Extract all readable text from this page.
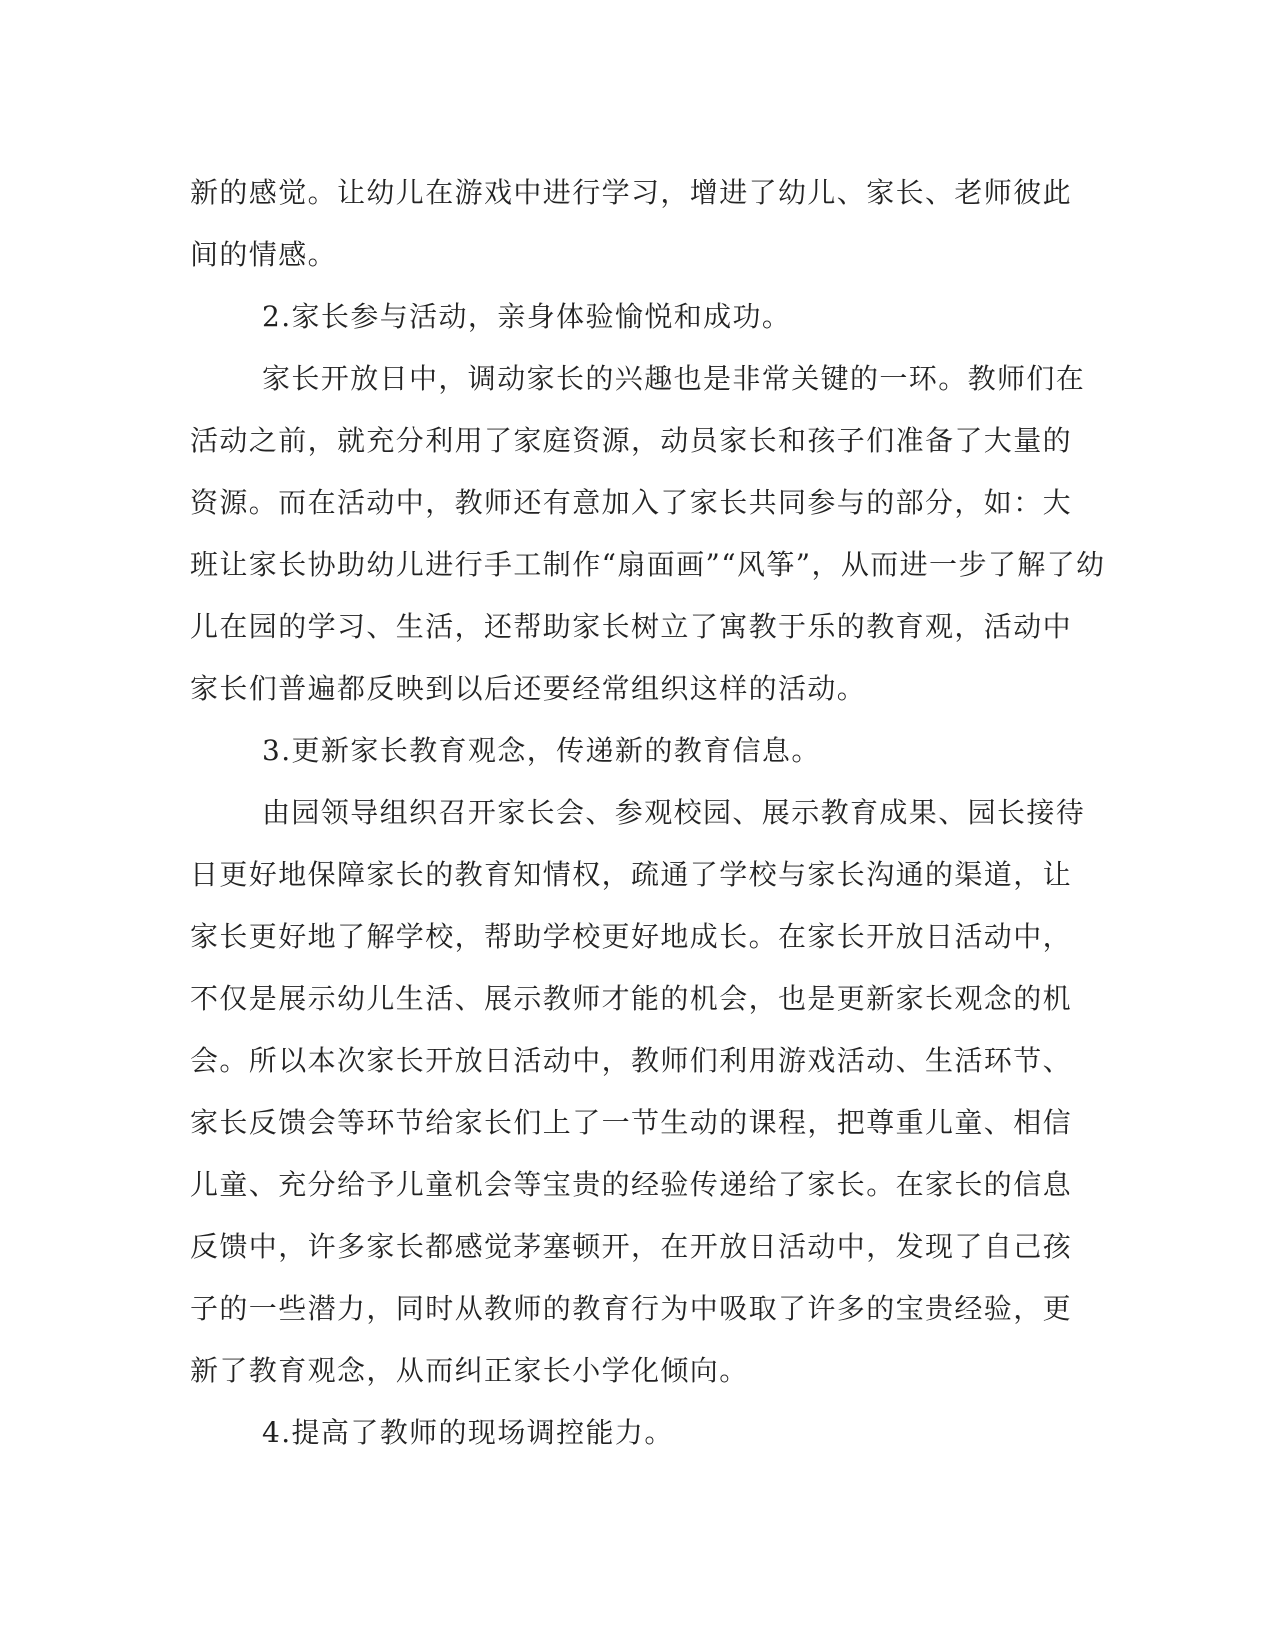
新的感觉。让幼儿在游戏中进行学习，增进了幼儿、家长、老师彼此
间的情感。
2.家长参与活动，亲身体验愉悦和成功。
家长开放日中，调动家长的兴趣也是非常关键的一环。教师们在
活动之前，就充分利用了家庭资源，动员家长和孩子们准备了大量的
资源。而在活动中，教师还有意加入了家长共同参与的部分，如：大
班让家长协助幼儿进行手工制作“扇面画”“风筝”，从而进一步了解了幼
儿在园的学习、生活，还帮助家长树立了寓教于乐的教育观，活动中
家长们普遍都反映到以后还要经常组织这样的活动。
3.更新家长教育观念，传递新的教育信息。
由园领导组织召开家长会、参观校园、展示教育成果、园长接待
日更好地保障家长的教育知情权，疏通了学校与家长沟通的渠道，让
家长更好地了解学校，帮助学校更好地成长。在家长开放日活动中，
不仅是展示幼儿生活、展示教师才能的机会，也是更新家长观念的机
会。所以本次家长开放日活动中，教师们利用游戏活动、生活环节、
家长反馈会等环节给家长们上了一节生动的课程，把尊重儿童、相信
儿童、充分给予儿童机会等宝贵的经验传递给了家长。在家长的信息
反馈中，许多家长都感觉茅塞顿开，在开放日活动中，发现了自己孩
子的一些潜力，同时从教师的教育行为中吸取了许多的宝贵经验，更
新了教育观念，从而纠正家长小学化倾向。
4.提高了教师的现场调控能力。
